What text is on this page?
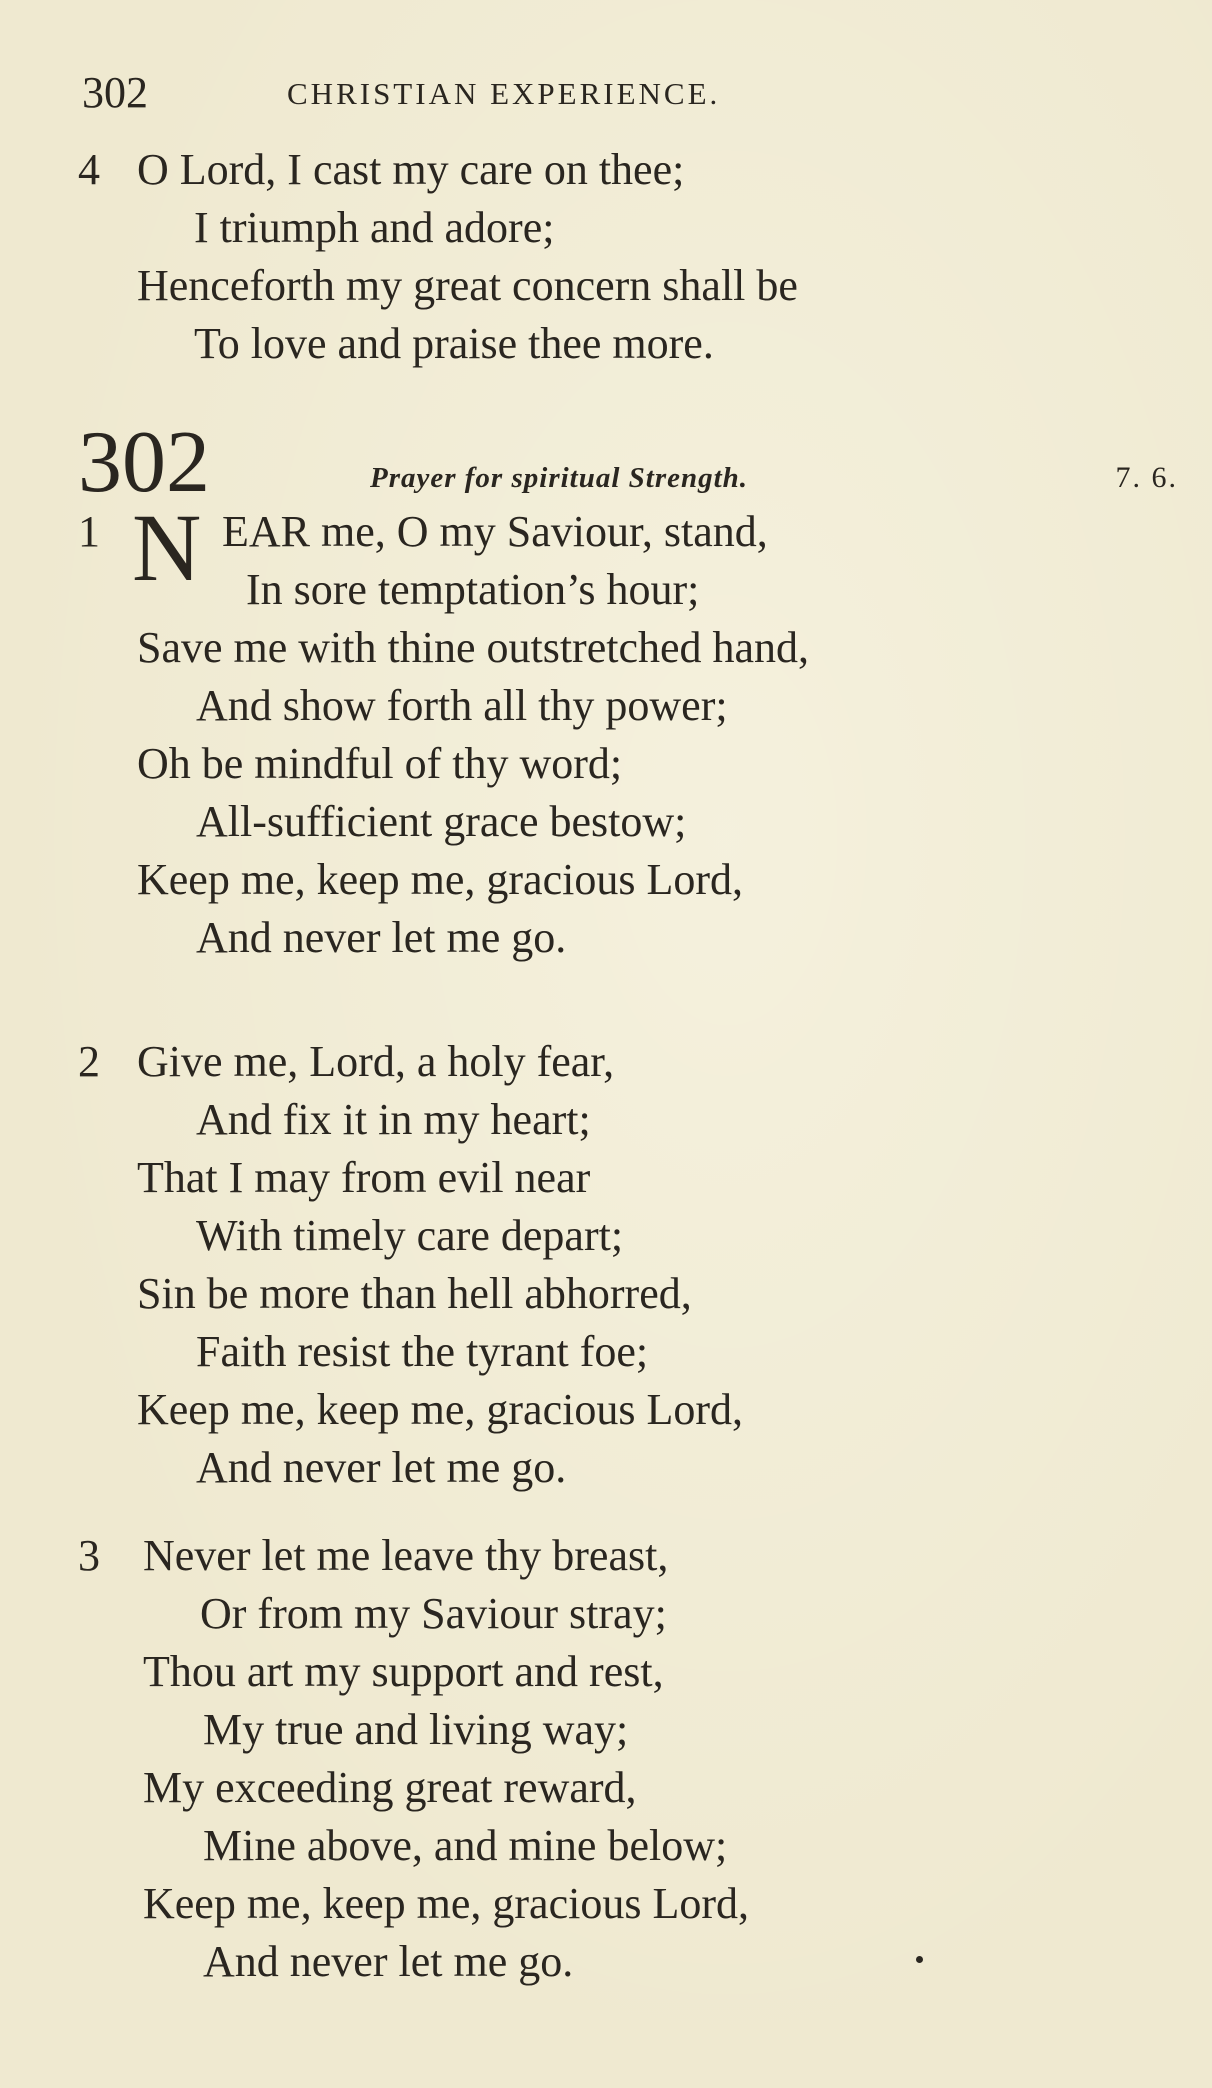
302	CHRISTIAN EXPERIENCE.
4 O Lord, I cast my care on thee;
I triumph and adore;
Henceforth my great concern shall be
To love and praise thee more.
302	Prayer for spiritual Strength.	7. 6.
1 N EAR me, O my Saviour, stand,
In sore temptation’s hour;
Save me with thine outstretched hand,
And show forth all thy power;
Oh be mindful of thy word;
All-sufficient grace bestow;
Keep me, keep me, gracious Lord,
And never let me go.
2 Give me, Lord, a holy fear,
And fix it in my heart;
That I may from evil near
With timely care depart;
Sin be more than hell abhorred,
Faith resist the tyrant foe;
Keep me, keep me, gracious Lord,
And never let me go.
3 Never let me leave thy breast,
Or from my Saviour stray;
Thou art my support and rest,
My true and living way;
My exceeding great reward,
Mine above, and mine below;
Keep me, keep me, gracious Lord,
And never let me go.
